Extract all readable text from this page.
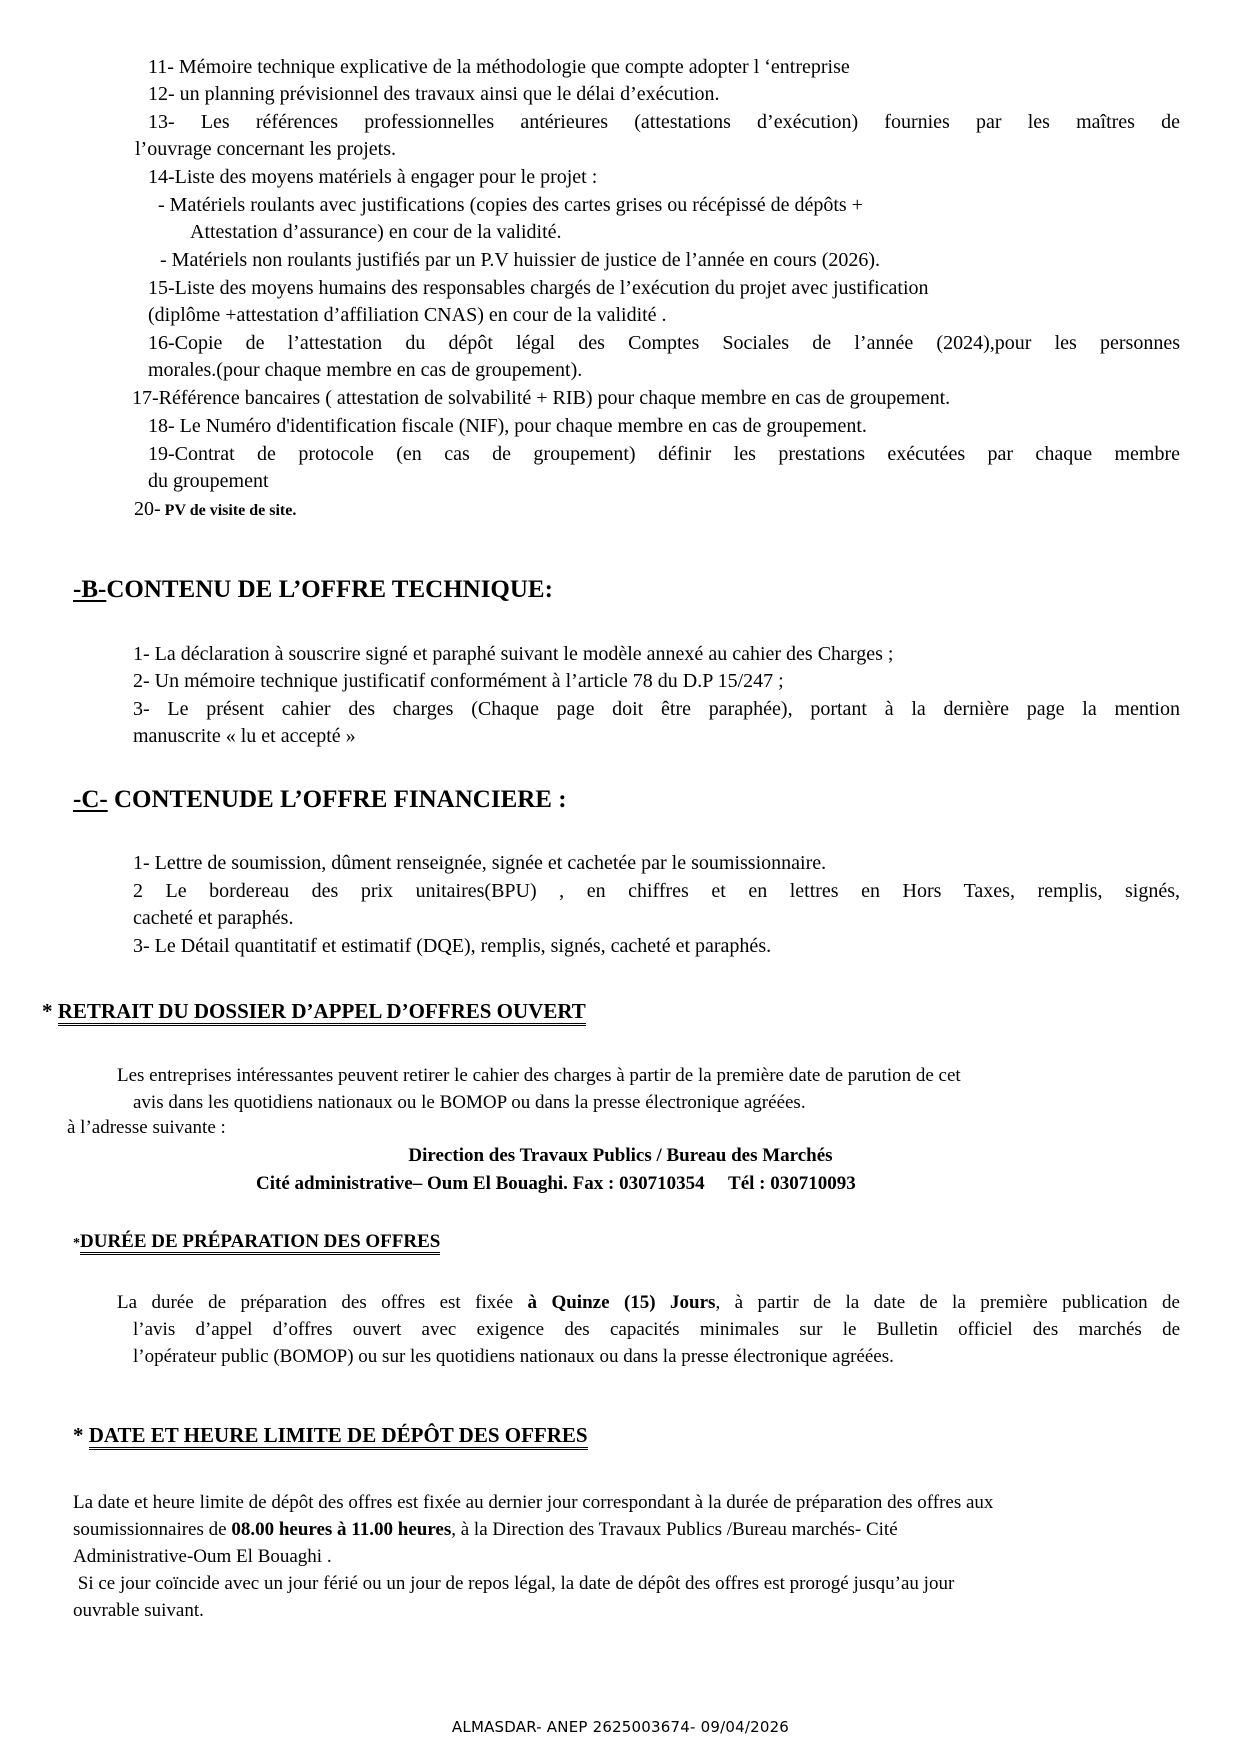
11- Mémoire technique explicative de la méthodologie que compte adopter l ‘entreprise
12- un planning prévisionnel des travaux ainsi que le délai d’exécution.
13- Les références professionnelles antérieures (attestations d’exécution) fournies par les maîtres de
l’ouvrage concernant les projets.
14-Liste des moyens matériels à engager pour le projet :
- Matériels roulants avec justifications (copies des cartes grises ou récépissé de dépôts +
Attestation d’assurance) en cour de la validité.
- Matériels non roulants justifiés par un P.V huissier de justice de l’année en cours (2026).
15-Liste des moyens humains des responsables chargés de l’exécution du projet avec justification
(diplôme +attestation d’affiliation CNAS) en cour de la validité .
16-Copie de l’attestation du dépôt légal des Comptes Sociales de l’année (2024),pour les personnes
morales.(pour chaque membre en cas de groupement).
17-Référence bancaires ( attestation de solvabilité + RIB) pour chaque membre en cas de groupement.
18- Le Numéro d'identification fiscale (NIF), pour chaque membre en cas de groupement.
19-Contrat de protocole (en cas de groupement) définir les prestations exécutées par chaque membre
du groupement
20- PV de visite de site.
-B-CONTENU DE L’OFFRE TECHNIQUE:
1- La déclaration à souscrire signé et paraphé suivant le modèle annexé au cahier des Charges ;
2- Un mémoire technique justificatif conformément à l’article 78 du D.P 15/247 ;
3- Le présent cahier des charges (Chaque page doit être paraphée), portant à la dernière page la mention
manuscrite « lu et accepté »
-C- CONTENUDE L’OFFRE FINANCIERE :
1- Lettre de soumission, dûment renseignée, signée et cachetée par le soumissionnaire.
2 Le bordereau des prix unitaires(BPU) , en chiffres et en lettres en Hors Taxes, remplis, signés,
cacheté et paraphés.
3- Le Détail quantitatif et estimatif (DQE), remplis, signés, cacheté et paraphés.
* RETRAIT DU DOSSIER D’APPEL D’OFFRES OUVERT
Les entreprises intéressantes peuvent retirer le cahier des charges à partir de la première date de parution de cet
avis dans les quotidiens nationaux ou le BOMOP ou dans la presse électronique agréées.
à l’adresse suivante :
Direction des Travaux Publics / Bureau des Marchés
Cité administrative– Oum El Bouaghi. Fax : 030710354     Tél : 030710093
*DURÉE DE PRÉPARATION DES OFFRES
La durée de préparation des offres est fixée à Quinze (15) Jours, à partir de la date de la première publication de
l’avis d’appel d’offres ouvert avec exigence des capacités minimales sur le Bulletin officiel des marchés de
l’opérateur public (BOMOP) ou sur les quotidiens nationaux ou dans la presse électronique agréées.
* DATE ET HEURE LIMITE DE DÉPÔT DES OFFRES
La date et heure limite de dépôt des offres est fixée au dernier jour correspondant à la durée de préparation des offres aux
soumissionnaires de 08.00 heures à 11.00 heures, à la Direction des Travaux Publics /Bureau marchés- Cité
Administrative-Oum El Bouaghi .
Si ce jour coïncide avec un jour férié ou un jour de repos légal, la date de dépôt des offres est prorogé jusqu’au jour
ouvrable suivant.
ALMASDAR- ANEP 2625003674- 09/04/2026
